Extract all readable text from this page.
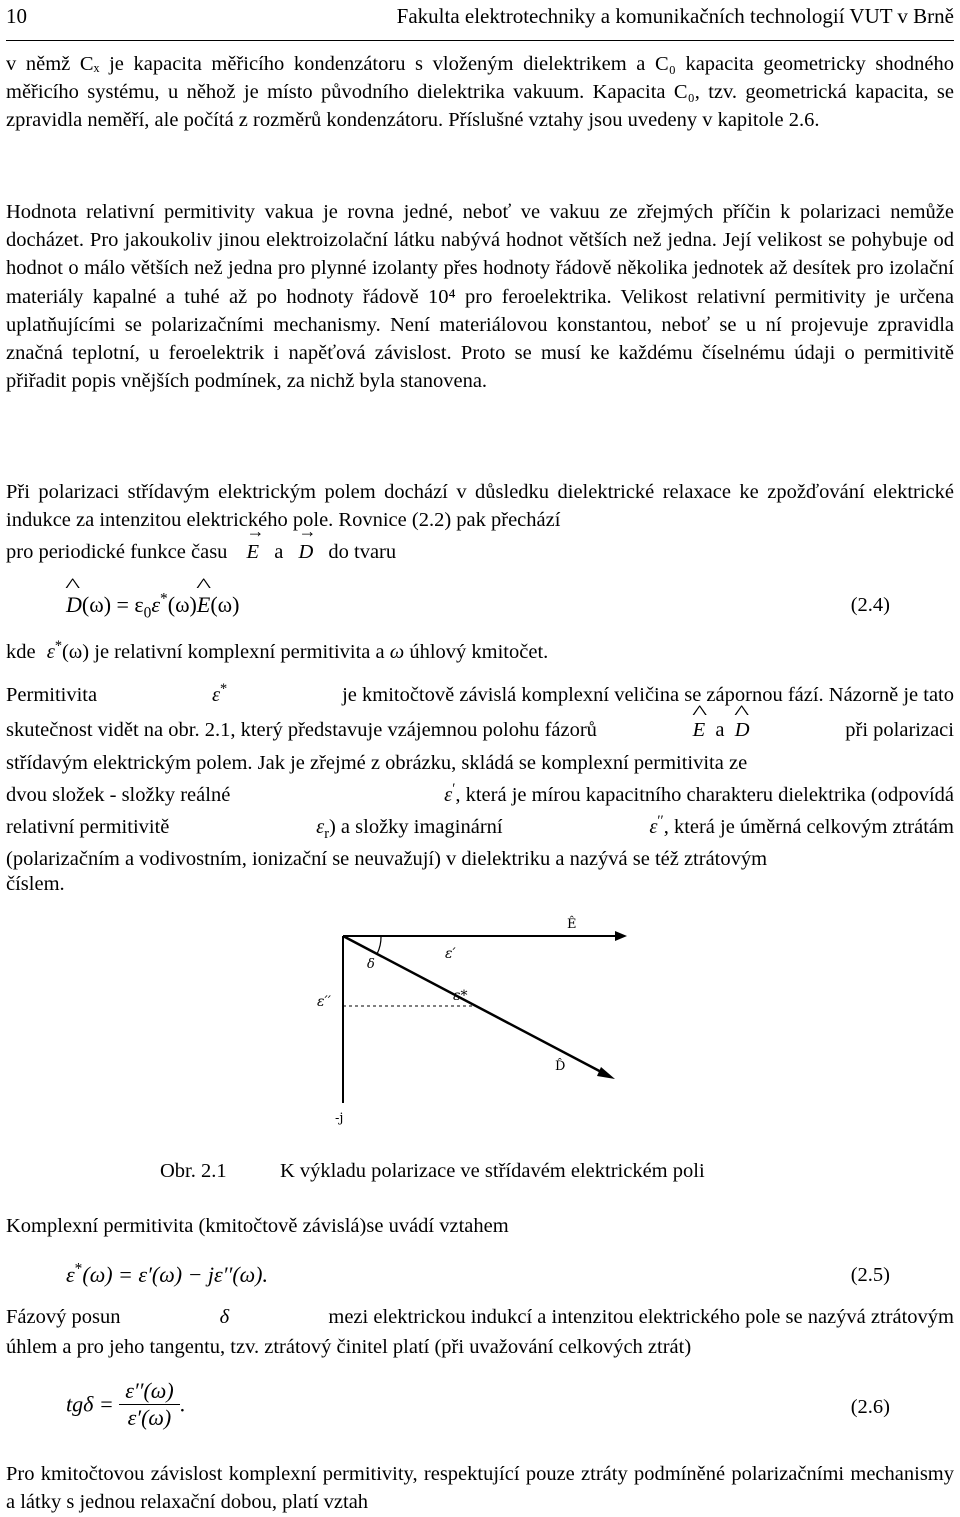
10	Fakulta elektrotechniky a komunikačních technologií VUT v Brně
v němž Cₓ je kapacita měřicího kondenzátoru s vloženým dielektrikem a C₀ kapacita geometricky shodného měřicího systému, u něhož je místo původního dielektrika vakuum. Kapacita C₀, tzv. geometrická kapacita, se zpravidla neměří, ale počítá z rozměrů kondenzátoru. Příslušné vztahy jsou uvedeny v kapitole 2.6.
Hodnota relativní permitivity vakua je rovna jedné, neboť ve vakuu ze zřejmých příčin k polarizaci nemůže docházet. Pro jakoukoliv jinou elektroizolační látku nabývá hodnot větších než jedna. Její velikost se pohybuje od hodnot o málo větších než jedna pro plynné izolanty přes hodnoty řádově několika jednotek až desítek pro izolační materiály kapalné a tuhé až po hodnoty řádově 10⁴ pro feroelektrika. Velikost relativní permitivity je určena uplatňujícími se polarizačními mechanismy. Není materiálovou konstantou, neboť se u ní projevuje zpravidla značná teplotní, u feroelektrik i napěťová závislost. Proto se musí ke každému číselnému údaji o permitivitě přiřadit popis vnějších podmínek, za nichž byla stanovena.
Při polarizaci střídavým elektrickým polem dochází v důsledku dielektrické relaxace ke zpožďování elektrické indukce za intenzitou elektrického pole. Rovnice (2.2) pak přechází
pro periodické funkce času → E a → D do tvaru
^ $D(\omega) = \varepsilon_0\varepsilon^*(\omega)\^{}$ E(ω)	(2.4)
kde ε*(ω) je relativní komplexní permitivita a ω úhlový kmitočet.
Permitivita	ε*	je kmitočtově závislá komplexní veličina se zápornou fází. Názorně je tato
skutečnost vidět na obr. 2.1, který představuje vzájemnou polohu fázorů	^ E a ^ D	při polarizaci
střídavým elektrickým polem. Jak je zřejmé z obrázku, skládá se komplexní permitivita ze
dvou složek - složky reálné	ε′, která je mírou kapacitního charakteru dielektrika (odpovídá
relativní permitivitě	$\varepsilon_r$) a složky imaginární	ε′′, která je úměrná celkovým ztrátám
(polarizačním a vodivostním, ionizační se neuvažují) v dielektriku a nazývá se též ztrátovým
číslem.
Ê
D̂
ε′
ε′′	ε*
δ
-j
Obr. 2.1	K výkladu polarizace ve střídavém elektrickém poli
Komplexní permitivita (kmitočtově závislá)se uvádí vztahem
ε*(ω) = ε′(ω) − jε′′(ω).	(2.5)
Fázový posun	δ	mezi elektrickou indukcí a intenzitou elektrického pole se nazývá ztrátovým
úhlem a pro jeho tangentu, tzv. ztrátový činitel platí (při uvažování celkových ztrát)
$tg\delta = \frac{\varepsilon''(\omega)}{\varepsilon'(\omega)}$ .	(2.6)
Pro kmitočtovou závislost komplexní permitivity, respektující pouze ztráty podmíněné polarizačními mechanismy a látky s jednou relaxační dobou, platí vztah
